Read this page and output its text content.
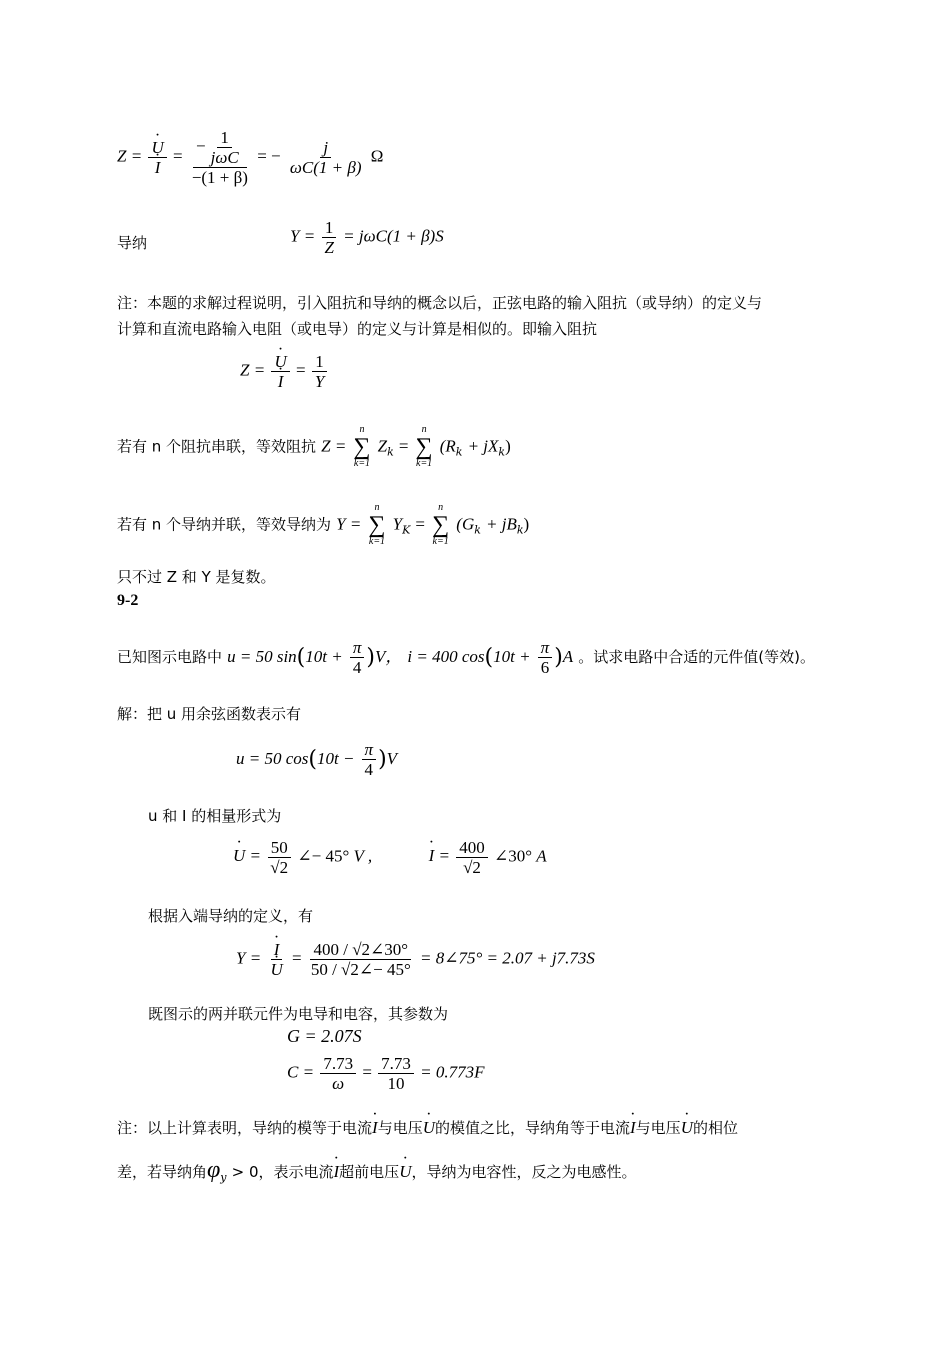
Z = · U
· $I = \frac{- \frac{1}{\text{jωC}}}{-(1 + \beta)}$ = − $\frac{j}{\omega C(1 + \beta)}$ Ω
导纳	$Y = \frac{1}{Z} = j\omega C(1 + \beta)S$
注：本题的求解过程说明，引入阻抗和导纳的概念以后，正弦电路的输入阻抗（或导纳）的定义与
计算和直流电路输入电阻（或电导）的定义与计算是相似的。即输入阻抗
Z = · U
· $I = \frac{1}{Y}$
若有 n 个阻抗串联，等效阻抗 Z =
n
∑
k=1
$Z_k$ =
n
∑
k=1
$(R_k + jX_k)$
若有 n 个导纳并联，等效导纳为 Y =
n
∑
k=1
$Y_K$ =
n
∑
k=1
$(G_k + jB_k)$
只不过 Z 和 Y 是复数。
9-2
已知图示电路中 u = 50 $\sin(10t + \frac{\pi}{4} )V$， i = 400 $\cos(10t + \frac{\pi}{6} )A$ 。试求电路中合适的元件值(等效)。
解：把 u 用余弦函数表示有
u = 50 $\cos(10t - \frac{\pi}{4} )V$
u 和 I 的相量形式为
· $U = \frac{50}{√2}$ ∠− 45° V ,	· $I = \frac{400}{√2}$ ∠30° A
根据入端导纳的定义，有
Y = · I
· $U = \frac{400 / √2\angle 30^\circ}{50 / √2\angle- 45^\circ}$ = 8∠75° = 2.07 + j7.73S
既图示的两并联元件为电导和电容，其参数为
G = 2.07S
$C = \frac{7.73}{\omega} = \frac{7.73}{10} = 0.773F$
注：以上计算表明，导纳的模等于电流· I与电压· U的模值之比，导纳角等于电流· I与电压· U的相位
差，若导纳角$\varphi_y > 0$，表示电流· I超前电压· U，导纳为电容性，反之为电感性。
